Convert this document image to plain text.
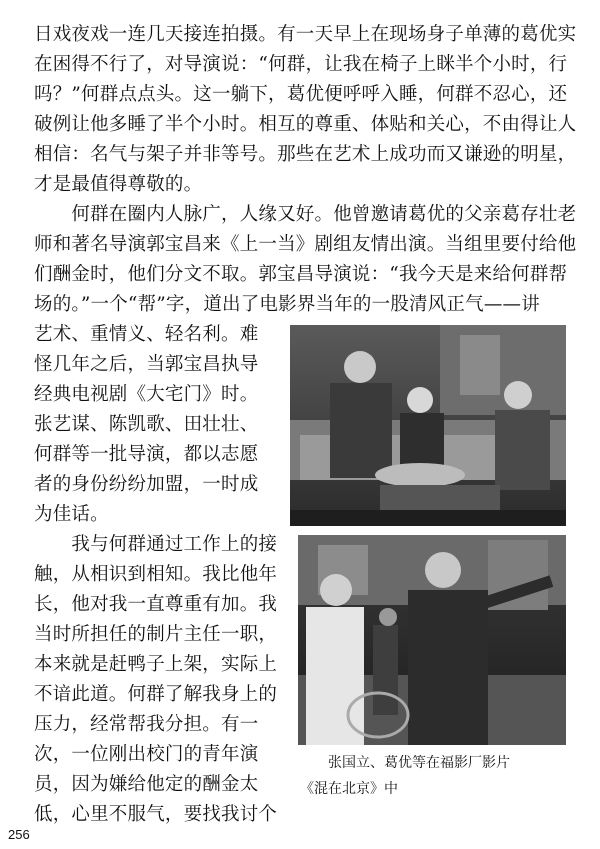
日戏夜戏一连几天接连拍摄。有一天早上在现场身子单薄的葛优实
在困得不行了，对导演说：“何群，让我在椅子上眯半个小时，行
吗？”何群点点头。这一躺下，葛优便呼呼入睡，何群不忍心，还
破例让他多睡了半个小时。相互的尊重、体贴和关心，不由得让人
相信：名气与架子并非等号。那些在艺术上成功而又谦逊的明星，
才是最值得尊敬的。
　　何群在圈内人脉广，人缘又好。他曾邀请葛优的父亲葛存壮老
师和著名导演郭宝昌来《上一当》剧组友情出演。当组里要付给他
们酬金时，他们分文不取。郭宝昌导演说：“我今天是来给何群帮
场的。”一个“帮”字，道出了电影界当年的一股清风正气——讲
艺术、重情义、轻名利。难
怪几年之后，当郭宝昌执导
经典电视剧《大宅门》时。
张艺谋、陈凯歌、田壮壮、
何群等一批导演，都以志愿
者的身份纷纷加盟，一时成
为佳话。
　　我与何群通过工作上的接
触，从相识到相知。我比他年
长，他对我一直尊重有加。我
当时所担任的制片主任一职，
本来就是赶鸭子上架，实际上
不谙此道。何群了解我身上的
压力，经常帮我分担。有一
次，一位刚出校门的青年演
员，因为嫌给他定的酬金太
低，心里不服气，要找我讨个
张国立、葛优等在福影厂影片
《混在北京》中
256
